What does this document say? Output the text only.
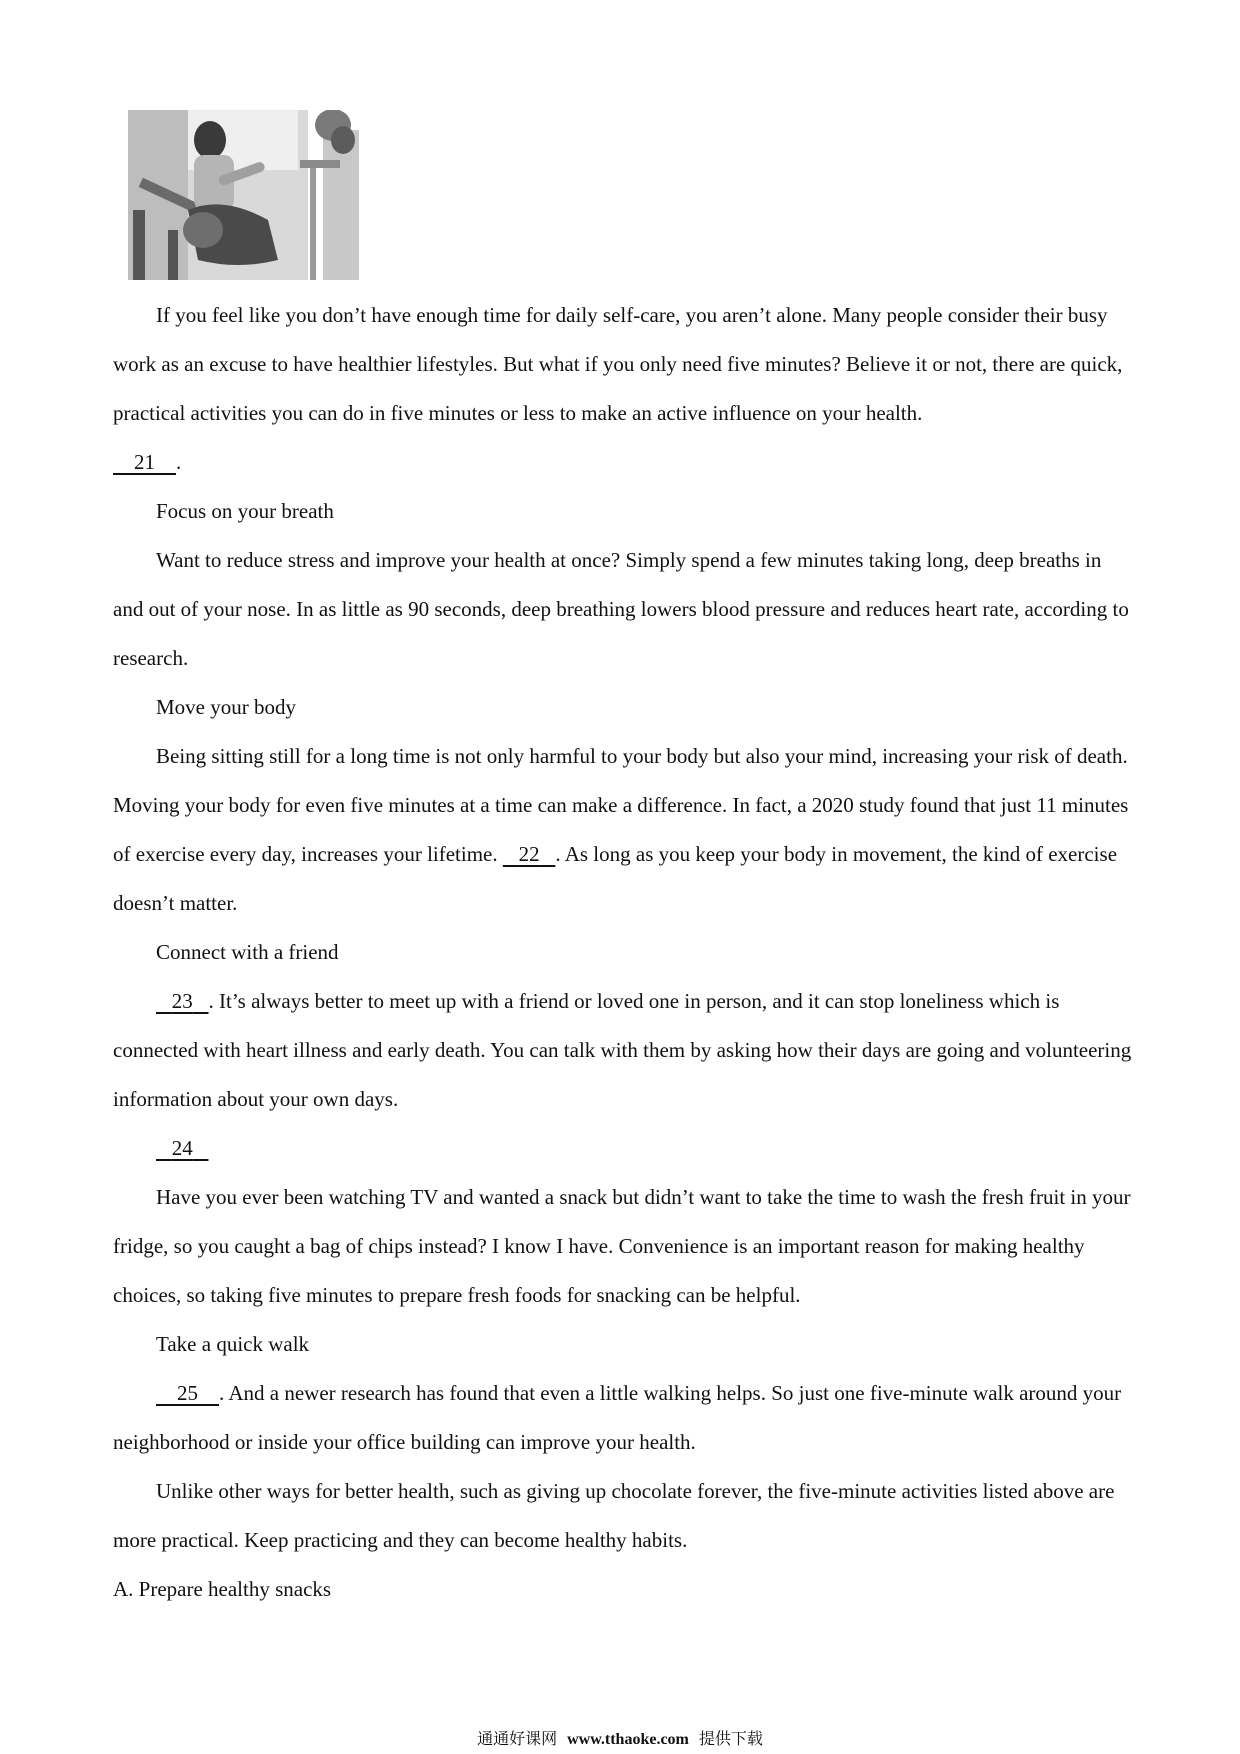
If you feel like you don’t have enough time for daily self-care, you aren’t alone. Many people consider their busy work as an excuse to have healthier lifestyles. But what if you only need five minutes? Believe it or not, there are quick, practical activities you can do in five minutes or less to make an active influence on your health.

21 .

Focus on your breath

Want to reduce stress and improve your health at once? Simply spend a few minutes taking long, deep breaths in and out of your nose. In as little as 90 seconds, deep breathing lowers blood pressure and reduces heart rate, according to research.

Move your body

Being sitting still for a long time is not only harmful to your body but also your mind, increasing your risk of death. Moving your body for even five minutes at a time can make a difference. In fact, a 2020 study found that just 11 minutes of exercise every day, increases your lifetime.    22 . As long as you keep your body in movement, the kind of exercise doesn’t matter.

Connect with a friend

23 . It’s always better to meet up with a friend or loved one in person, and it can stop loneliness which is connected with heart illness and early death. You can talk with them by asking how their days are going and volunteering information about your own days.

24

Have you ever been watching TV and wanted a snack but didn’t want to take the time to wash the fresh fruit in your fridge, so you caught a bag of chips instead? I know I have. Convenience is an important reason for making healthy choices, so taking five minutes to prepare fresh foods for snacking can be helpful.

Take a quick walk

25 . And a newer research has found that even a little walking helps. So just one five-minute walk around your neighborhood or inside your office building can improve your health.

Unlike other ways for better health, such as giving up chocolate forever, the five-minute activities listed above are more practical. Keep practicing and they can become healthy habits.

A. Prepare healthy snacks

通通好课网 www.tthaoke.com 提供下载
